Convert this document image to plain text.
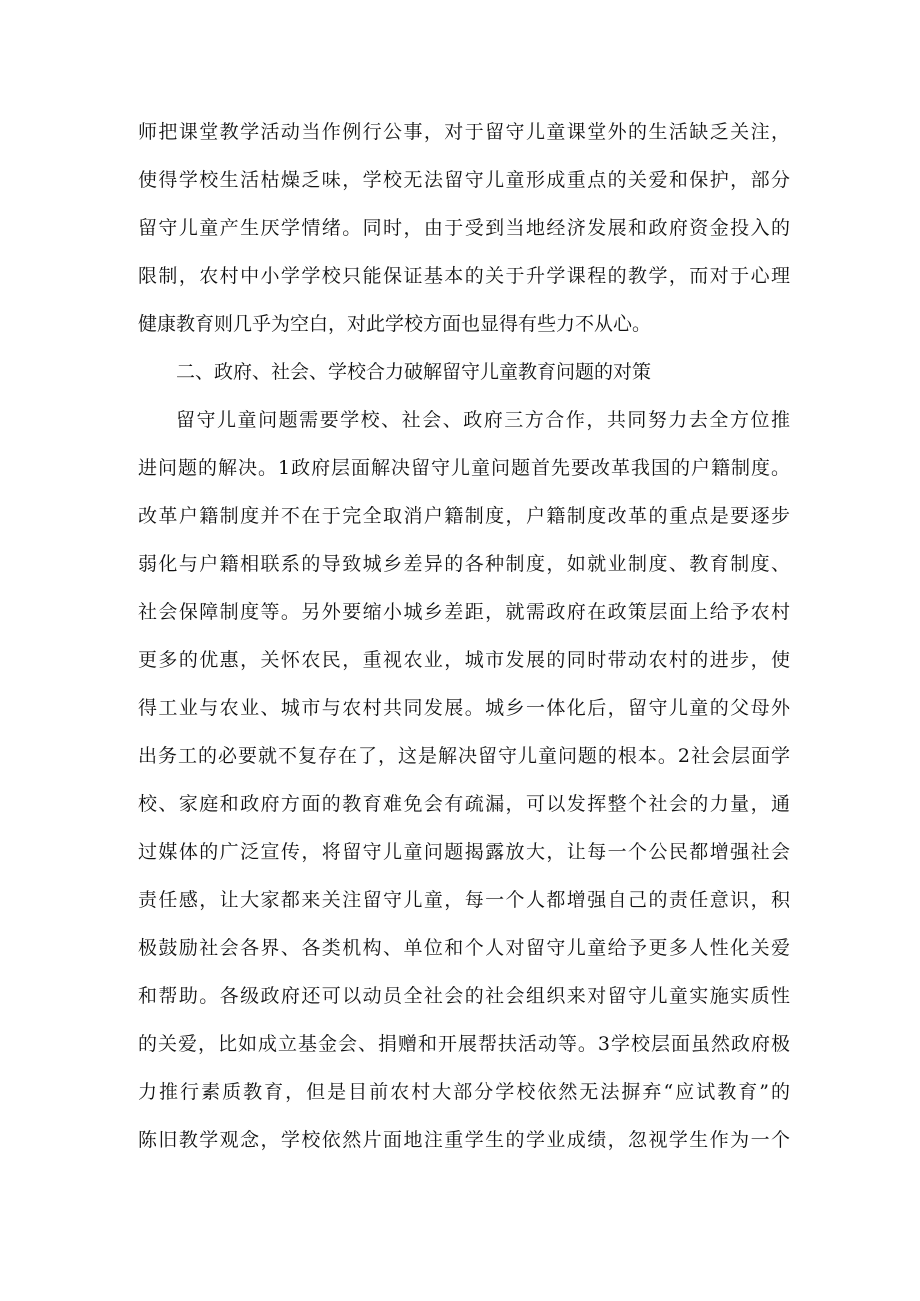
师把课堂教学活动当作例行公事，对于留守儿童课堂外的生活缺乏关注，
使得学校生活枯燥乏味，学校无法留守儿童形成重点的关爱和保护，部分
留守儿童产生厌学情绪。同时，由于受到当地经济发展和政府资金投入的
限制，农村中小学学校只能保证基本的关于升学课程的教学，而对于心理
健康教育则几乎为空白，对此学校方面也显得有些力不从心。
二、政府、社会、学校合力破解留守儿童教育问题的对策
留守儿童问题需要学校、社会、政府三方合作，共同努力去全方位推
进问题的解决。1政府层面解决留守儿童问题首先要改革我国的户籍制度。
改革户籍制度并不在于完全取消户籍制度，户籍制度改革的重点是要逐步
弱化与户籍相联系的导致城乡差异的各种制度，如就业制度、教育制度、
社会保障制度等。另外要缩小城乡差距，就需政府在政策层面上给予农村
更多的优惠，关怀农民，重视农业，城市发展的同时带动农村的进步，使
得工业与农业、城市与农村共同发展。城乡一体化后，留守儿童的父母外
出务工的必要就不复存在了，这是解决留守儿童问题的根本。2社会层面学
校、家庭和政府方面的教育难免会有疏漏，可以发挥整个社会的力量，通
过媒体的广泛宣传，将留守儿童问题揭露放大，让每一个公民都增强社会
责任感，让大家都来关注留守儿童，每一个人都增强自己的责任意识，积
极鼓励社会各界、各类机构、单位和个人对留守儿童给予更多人性化关爱
和帮助。各级政府还可以动员全社会的社会组织来对留守儿童实施实质性
的关爱，比如成立基金会、捐赠和开展帮扶活动等。3学校层面虽然政府极
力推行素质教育，但是目前农村大部分学校依然无法摒弃“应试教育”的
陈旧教学观念，学校依然片面地注重学生的学业成绩，忽视学生作为一个
